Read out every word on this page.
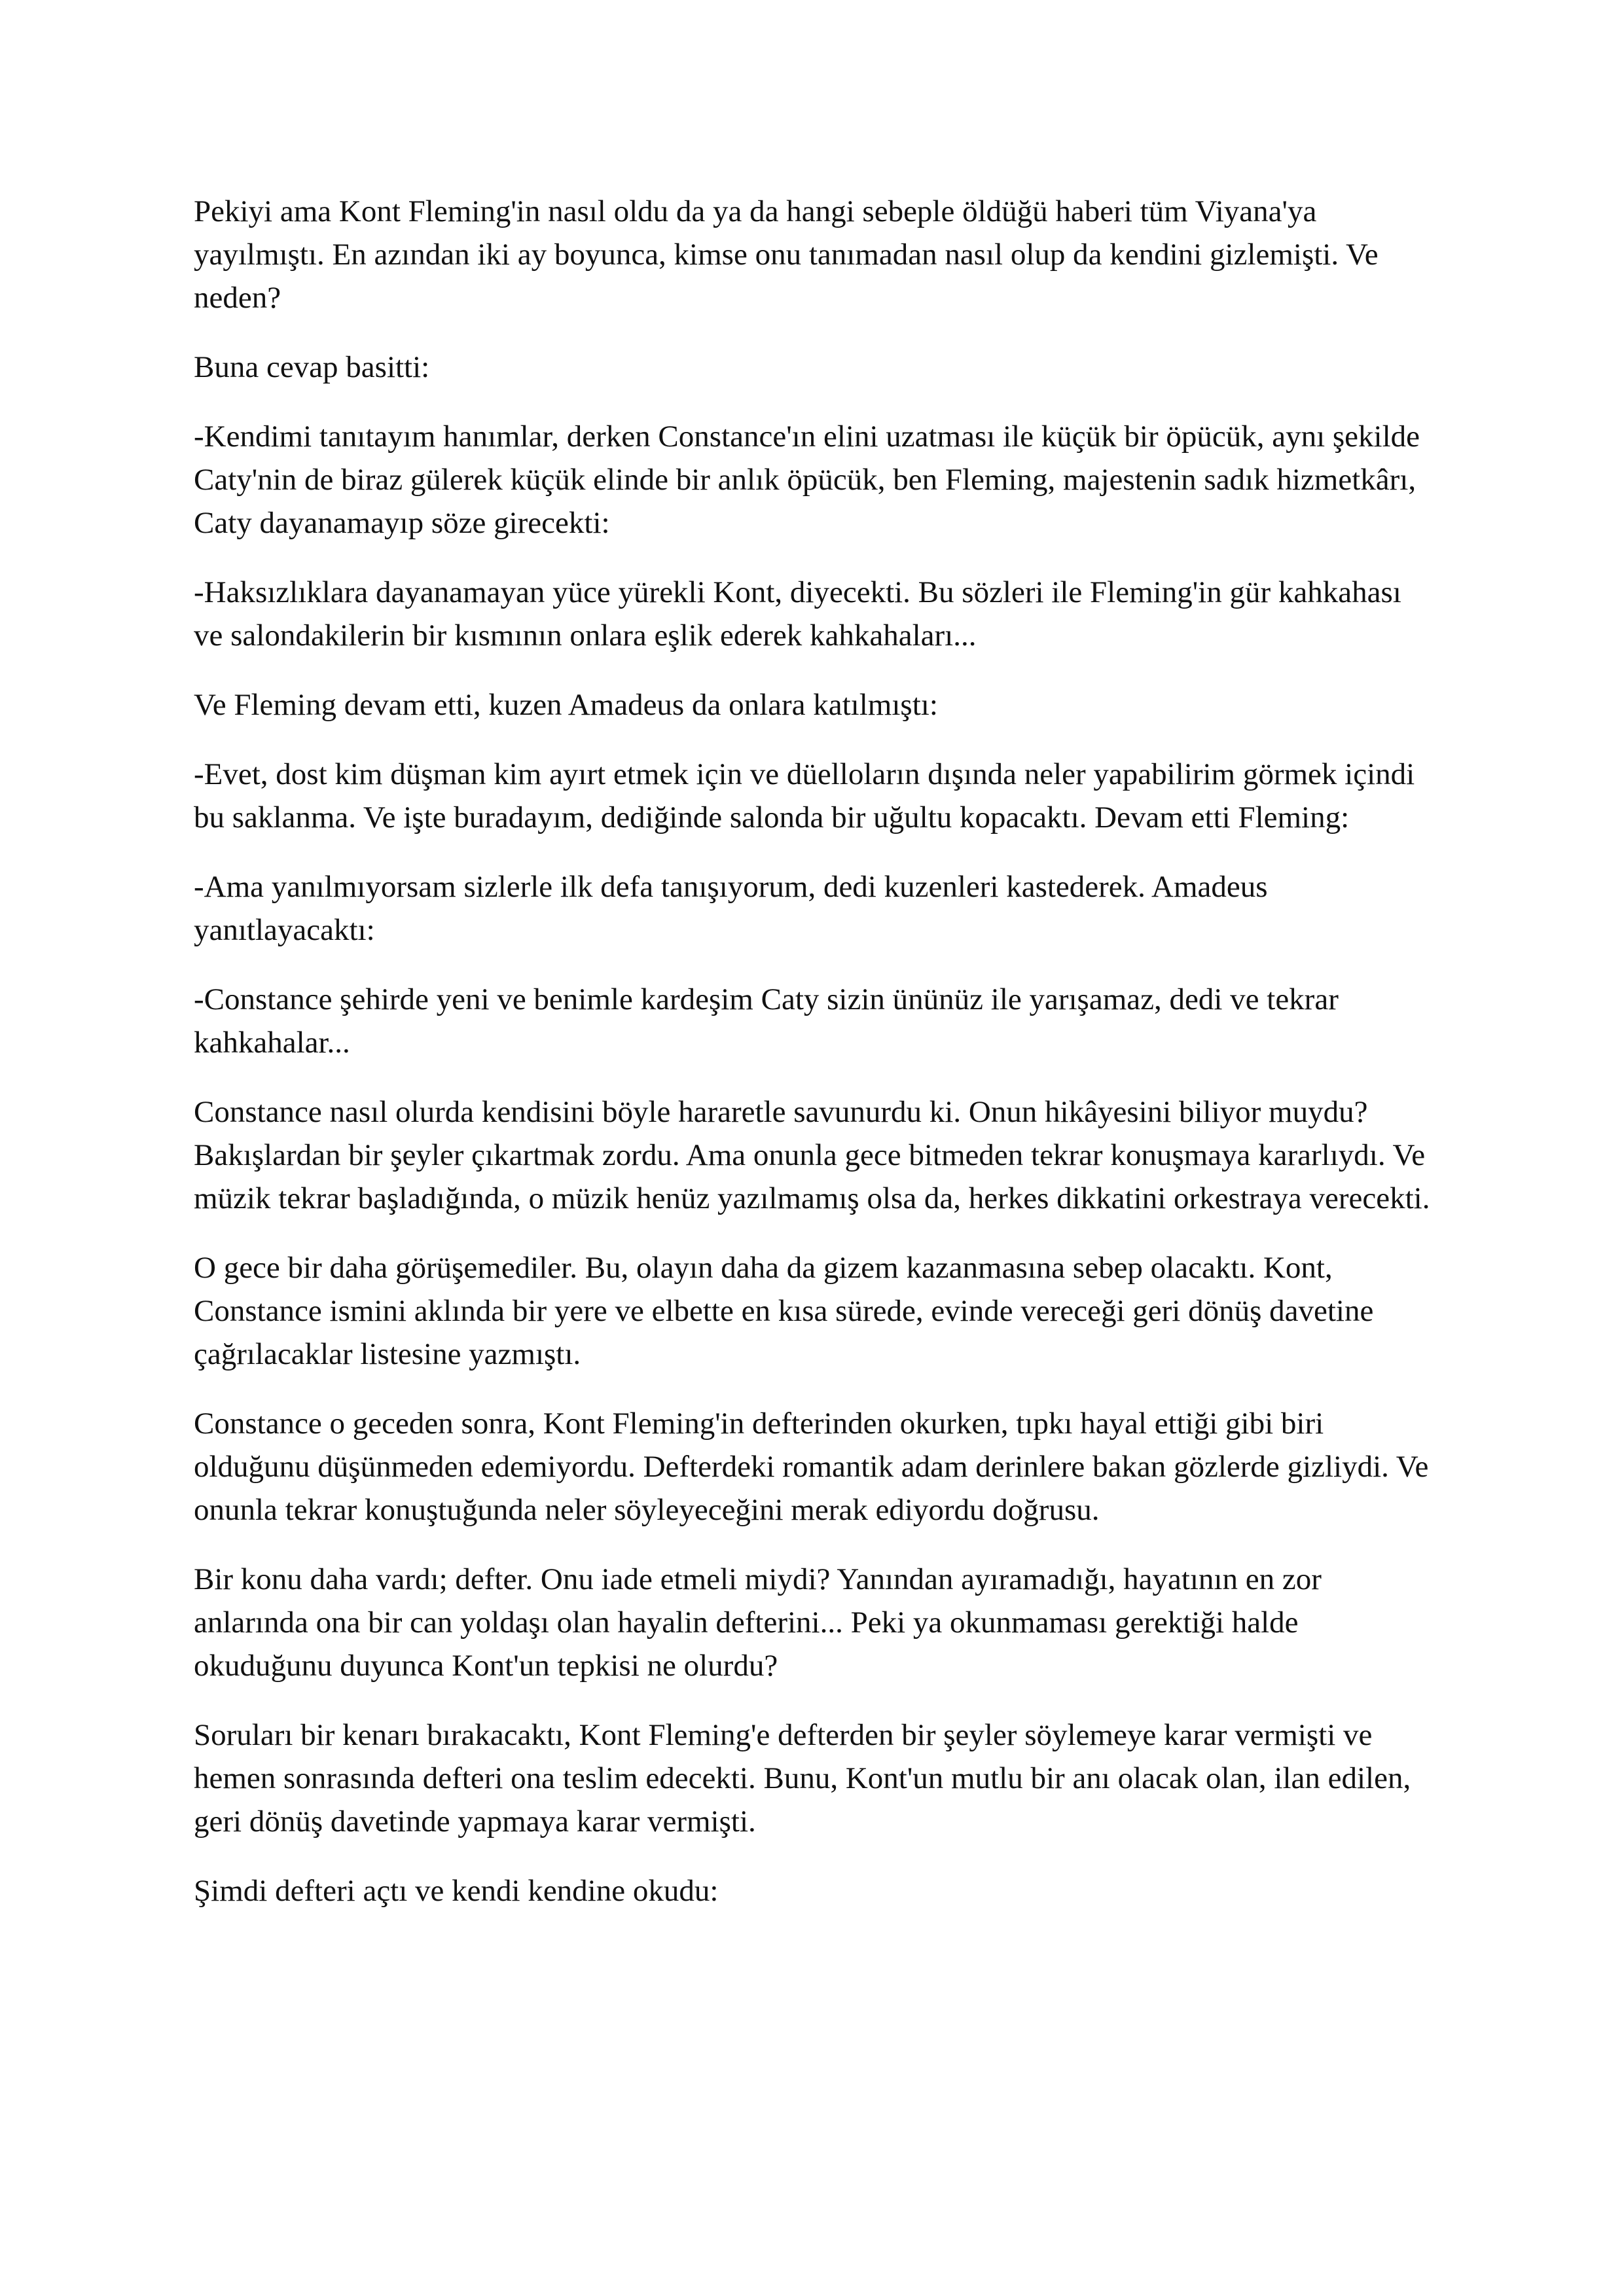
Pekiyi ama Kont Fleming'in nasıl oldu da ya da hangi sebeple öldüğü haberi tüm Viyana'ya yayılmıştı. En azından iki ay boyunca, kimse onu tanımadan nasıl olup da kendini gizlemişti. Ve neden?

Buna cevap basitti:

-Kendimi tanıtayım hanımlar, derken Constance'ın elini uzatması ile küçük bir öpücük, aynı şekilde Caty'nin de biraz gülerek küçük elinde bir anlık öpücük, ben Fleming, majestenin sadık hizmetkârı, Caty dayanamayıp söze girecekti:

-Haksızlıklara dayanamayan yüce yürekli Kont, diyecekti. Bu sözleri ile Fleming'in gür kahkahası ve salondakilerin bir kısmının onlara eşlik ederek kahkahaları...

Ve Fleming devam etti, kuzen Amadeus da onlara katılmıştı:

-Evet, dost kim düşman kim ayırt etmek için ve düelloların dışında neler yapabilirim görmek içindi bu saklanma. Ve işte buradayım, dediğinde salonda bir uğultu kopacaktı. Devam etti Fleming:

-Ama yanılmıyorsam sizlerle ilk defa tanışıyorum, dedi kuzenleri kastederek. Amadeus yanıtlayacaktı:

-Constance şehirde yeni ve benimle kardeşim Caty sizin ününüz ile yarışamaz, dedi ve tekrar kahkahalar...

Constance nasıl olurda kendisini böyle hararetle savunurdu ki. Onun hikâyesini biliyor muydu? Bakışlardan bir şeyler çıkartmak zordu. Ama onunla gece bitmeden tekrar konuşmaya kararlıydı. Ve müzik tekrar başladığında, o müzik henüz yazılmamış olsa da, herkes dikkatini orkestraya verecekti.

O gece bir daha görüşemediler. Bu, olayın daha da gizem kazanmasına sebep olacaktı. Kont, Constance ismini aklında bir yere ve elbette en kısa sürede, evinde vereceği geri dönüş davetine çağrılacaklar listesine yazmıştı.

Constance o geceden sonra, Kont Fleming'in defterinden okurken, tıpkı hayal ettiği gibi biri olduğunu düşünmeden edemiyordu. Defterdeki romantik adam derinlere bakan gözlerde gizliydi. Ve onunla tekrar konuştuğunda neler söyleyeceğini merak ediyordu doğrusu.

Bir konu daha vardı; defter. Onu iade etmeli miydi? Yanından ayıramadığı, hayatının en zor anlarında ona bir can yoldaşı olan hayalin defterini... Peki ya okunmaması gerektiği halde okuduğunu duyunca Kont'un tepkisi ne olurdu?

Soruları bir kenarı bırakacaktı, Kont Fleming'e defterden bir şeyler söylemeye karar vermişti ve hemen sonrasında defteri ona teslim edecekti. Bunu, Kont'un mutlu bir anı olacak olan, ilan edilen, geri dönüş davetinde yapmaya karar vermişti.

Şimdi defteri açtı ve kendi kendine okudu:
